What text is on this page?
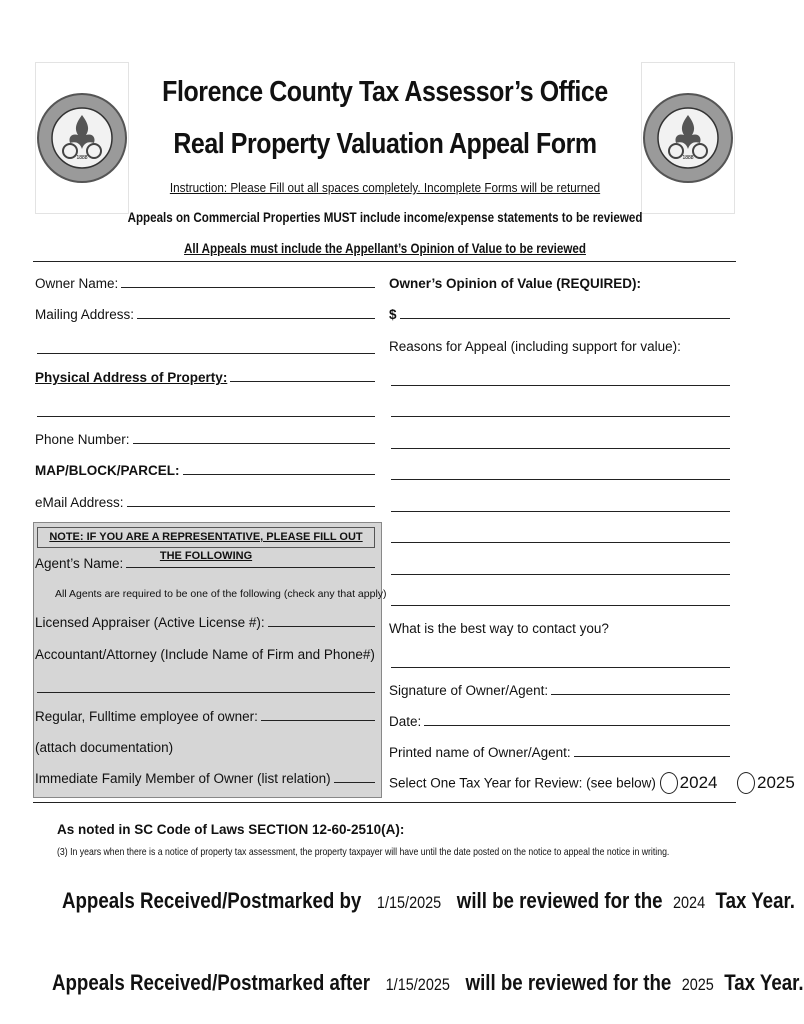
1888	1888
Florence County Tax Assessor’s Office
Real Property Valuation Appeal Form
Instruction: Please Fill out all spaces completely. Incomplete Forms will be returned
Appeals on Commercial Properties MUST include income/expense statements to be reviewed
All Appeals must include the Appellant’s Opinion of Value to be reviewed
Owner Name:
Mailing Address:
Physical Address of Property:
Phone Number:
MAP/BLOCK/PARCEL:
eMail Address:
NOTE: IF YOU ARE A REPRESENTATIVE, PLEASE FILL OUT THE FOLLOWING
Agent’s Name:
All Agents are required to be one of the following (check any that apply)
Licensed Appraiser (Active License #):
Accountant/Attorney (Include Name of Firm and Phone#)
Regular, Fulltime employee of owner:
(attach documentation)
Immediate Family Member of Owner (list relation)
Owner’s Opinion of Value (REQUIRED):
$
Reasons for Appeal (including support for value):
What is the best way to contact you?
Signature of Owner/Agent:
Date:
Printed name of Owner/Agent:
Select One Tax Year for Review: (see below) 2024 2025
As noted in SC Code of Laws SECTION 12-60-2510(A):
(3) In years when there is a notice of property tax assessment, the property taxpayer will have until the date posted on the notice to appeal the notice in writing.
Appeals Received/Postmarked by 1/15/2025 will be reviewed for the 2024 Tax Year.
Appeals Received/Postmarked after 1/15/2025 will be reviewed for the 2025 Tax Year.
